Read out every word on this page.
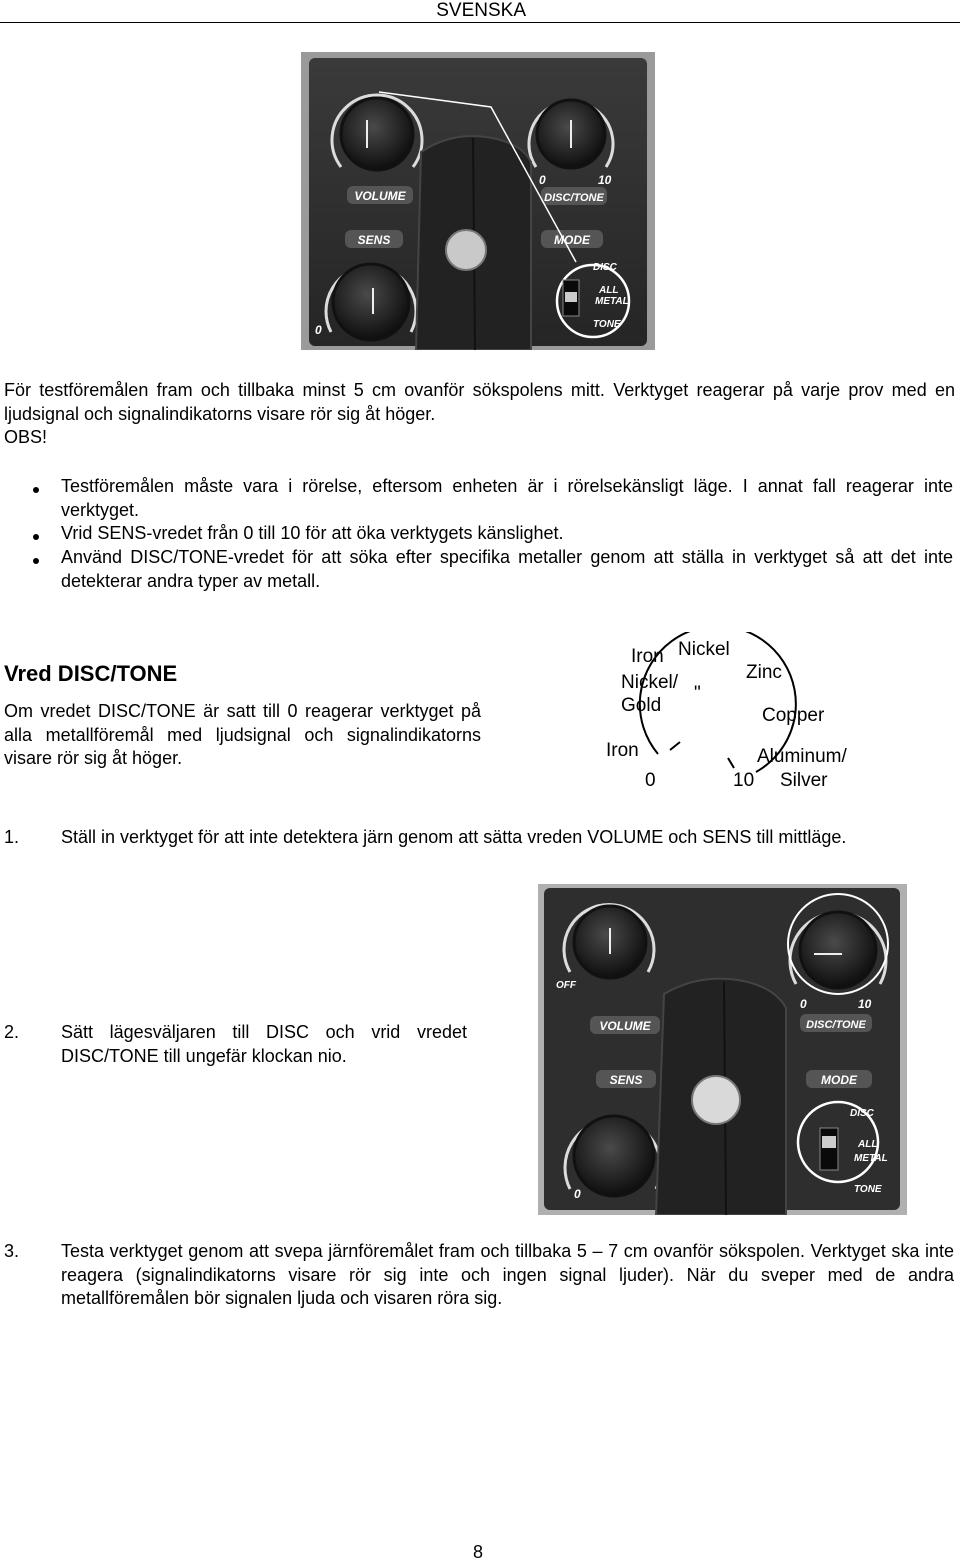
SVENSKA
VOLUME
0	10
DISC/TONE
SENS
0
MODE
DISC
ALL
METAL
TONE
För testföremålen fram och tillbaka minst 5 cm ovanför sökspolens mitt. Verktyget reagerar på varje prov med en ljudsignal och signalindikatorns visare rör sig åt höger.
OBS!
Testföremålen måste vara i rörelse, eftersom enheten är i rörelsekänsligt läge. I annat fall reagerar inte verktyget.
Vrid SENS-vredet från 0 till 10 för att öka verktygets känslighet.
Använd DISC/TONE-vredet för att söka efter specifika metaller genom att ställa in verktyget så att det inte detekterar andra typer av metall.
Vred DISC/TONE
Om vredet DISC/TONE är satt till 0 reagerar verktyget på alla metallföremål med ljudsignal och signalindikatorns visare rör sig åt höger.
Iron Nickel
Zinc
Nickel/
Gold
"
Copper
Iron	Aluminum/
Silver
0	10
1. Ställ in verktyget för att inte detektera järn genom att sätta vreden VOLUME och SENS till mittläge.
OFF
VOLUME
0	10
DISC/TONE
SENS
0
MODE
DISC
ALL
METAL
TONE
2. Sätt lägesväljaren till DISC och vrid vredet DISC/TONE till ungefär klockan nio.
3. Testa verktyget genom att svepa järnföremålet fram och tillbaka 5 – 7 cm ovanför sökspolen. Verktyget ska inte reagera (signalindikatorns visare rör sig inte och ingen signal ljuder). När du sveper med de andra metallföremålen bör signalen ljuda och visaren röra sig.
8
